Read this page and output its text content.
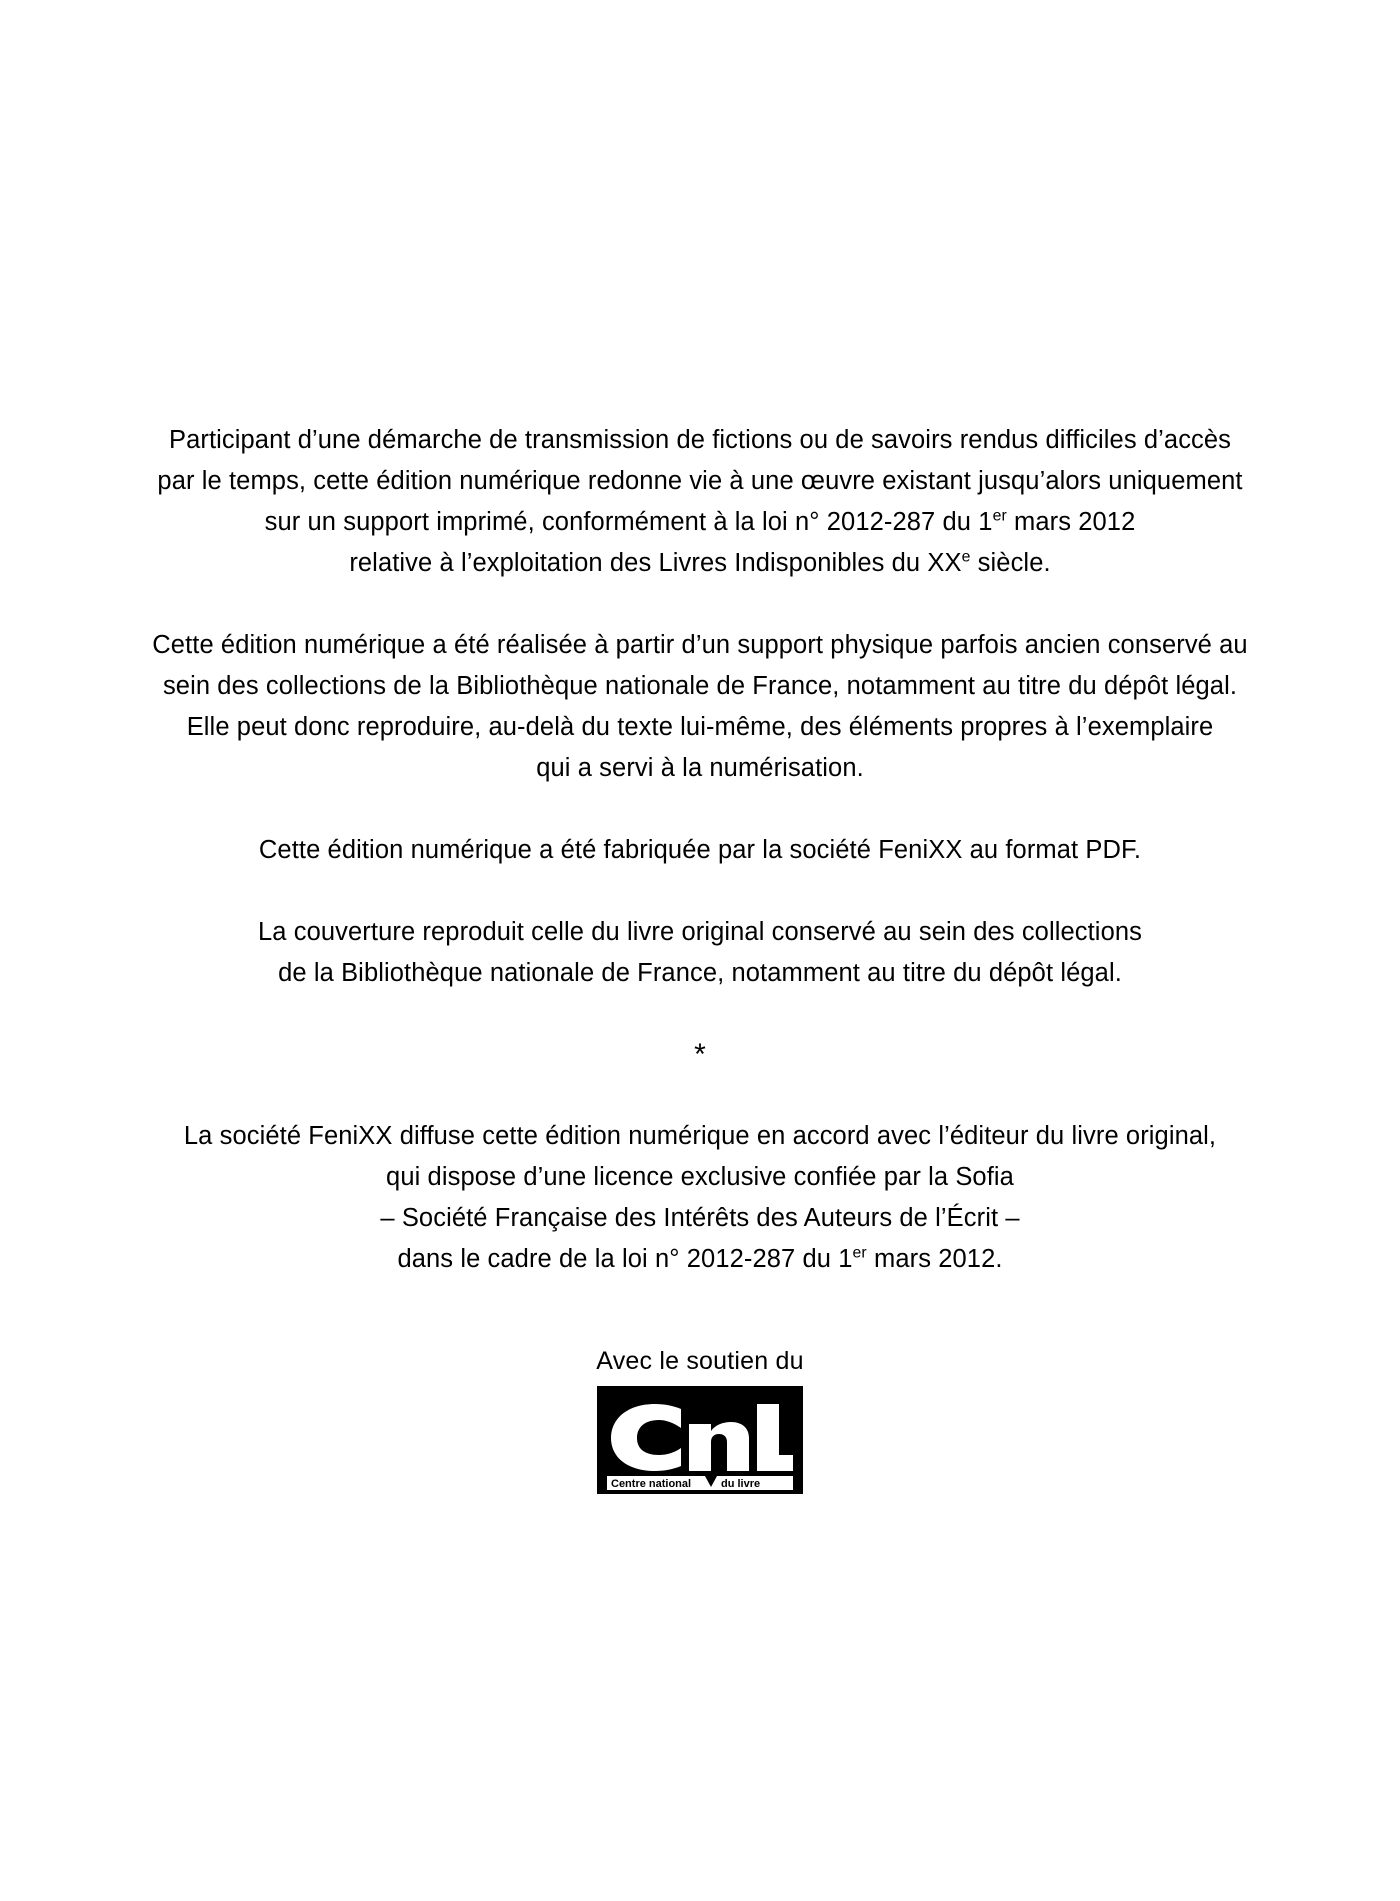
Participant d’une démarche de transmission de fictions ou de savoirs rendus difficiles d’accès
par le temps, cette édition numérique redonne vie à une œuvre existant jusqu’alors uniquement
sur un support imprimé, conformément à la loi n° 2012-287 du 1er mars 2012
relative à l’exploitation des Livres Indisponibles du XXe siècle.
Cette édition numérique a été réalisée à partir d’un support physique parfois ancien conservé au
sein des collections de la Bibliothèque nationale de France, notamment au titre du dépôt légal.
Elle peut donc reproduire, au-delà du texte lui-même, des éléments propres à l’exemplaire
qui a servi à la numérisation.
Cette édition numérique a été fabriquée par la société FeniXX au format PDF.
La couverture reproduit celle du livre original conservé au sein des collections
de la Bibliothèque nationale de France, notamment au titre du dépôt légal.
*
La société FeniXX diffuse cette édition numérique en accord avec l’éditeur du livre original,
qui dispose d’une licence exclusive confiée par la Sofia
– Société Française des Intérêts des Auteurs de l’Écrit –
dans le cadre de la loi n° 2012-287 du 1er mars 2012.
Avec le soutien du
Centre national	du livre
